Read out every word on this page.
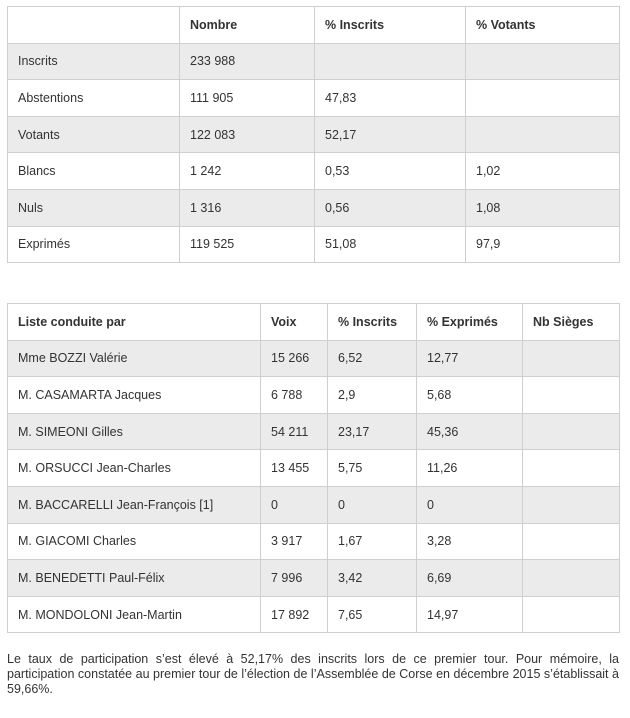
	Nombre	% Inscrits	% Votants
Inscrits	233 988		
Abstentions	111 905	47,83	
Votants	122 083	52,17	
Blancs	1 242	0,53	1,02
Nuls	1 316	0,56	1,08
Exprimés	119 525	51,08	97,9
Liste conduite par	Voix	% Inscrits	% Exprimés	Nb Sièges
Mme BOZZI Valérie	15 266	6,52	12,77	
M. CASAMARTA Jacques	6 788	2,9	5,68	
M. SIMEONI Gilles	54 211	23,17	45,36	
M. ORSUCCI Jean-Charles	13 455	5,75	11,26	
M. BACCARELLI Jean-François [1]	0	0	0	
M. GIACOMI Charles	3 917	1,67	3,28	
M. BENEDETTI Paul-Félix	7 996	3,42	6,69	
M. MONDOLONI Jean-Martin	17 892	7,65	14,97	

Le taux de participation s’est élevé à 52,17% des inscrits lors de ce premier tour. Pour mémoire, la participation constatée au premier tour de l’élection de l’Assemblée de Corse en décembre 2015 s’établissait à 59,66%.
